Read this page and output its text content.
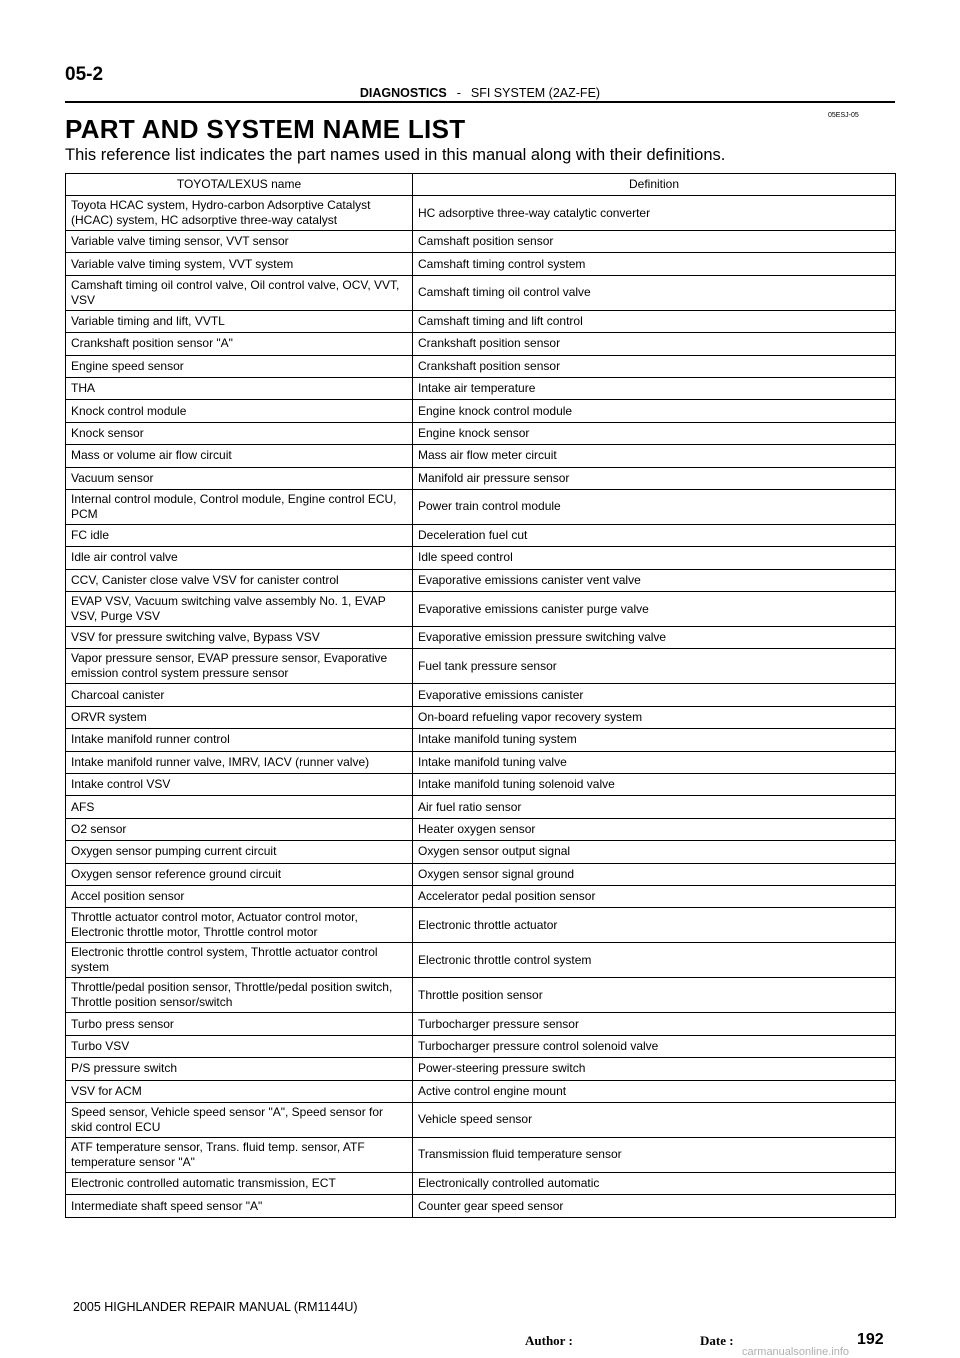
05-2
DIAGNOSTICS - SFI SYSTEM (2AZ-FE)
05ESJ-05
PART AND SYSTEM NAME LIST
This reference list indicates the part names used in this manual along with their definitions.
TOYOTA/LEXUS name	Definition
Toyota HCAC system, Hydro-carbon Adsorptive Catalyst (HCAC) system, HC adsorptive three-way catalyst	HC adsorptive three-way catalytic converter
Variable valve timing sensor, VVT sensor	Camshaft position sensor
Variable valve timing system, VVT system	Camshaft timing control system
Camshaft timing oil control valve, Oil control valve, OCV, VVT, VSV	Camshaft timing oil control valve
Variable timing and lift, VVTL	Camshaft timing and lift control
Crankshaft position sensor "A"	Crankshaft position sensor
Engine speed sensor	Crankshaft position sensor
THA	Intake air temperature
Knock control module	Engine knock control module
Knock sensor	Engine knock sensor
Mass or volume air flow circuit	Mass air flow meter circuit
Vacuum sensor	Manifold air pressure sensor
Internal control module, Control module, Engine control ECU, PCM	Power train control module
FC idle	Deceleration fuel cut
Idle air control valve	Idle speed control
CCV, Canister close valve VSV for canister control	Evaporative emissions canister vent valve
EVAP VSV, Vacuum switching valve assembly No. 1, EVAP VSV, Purge VSV	Evaporative emissions canister purge valve
VSV for pressure switching valve, Bypass VSV	Evaporative emission pressure switching valve
Vapor pressure sensor, EVAP pressure sensor, Evaporative emission control system pressure sensor	Fuel tank pressure sensor
Charcoal canister	Evaporative emissions canister
ORVR system	On-board refueling vapor recovery system
Intake manifold runner control	Intake manifold tuning system
Intake manifold runner valve, IMRV, IACV (runner valve)	Intake manifold tuning valve
Intake control VSV	Intake manifold tuning solenoid valve
AFS	Air fuel ratio sensor
O2 sensor	Heater oxygen sensor
Oxygen sensor pumping current circuit	Oxygen sensor output signal
Oxygen sensor reference ground circuit	Oxygen sensor signal ground
Accel position sensor	Accelerator pedal position sensor
Throttle actuator control motor, Actuator control motor, Electronic throttle motor, Throttle control motor	Electronic throttle actuator
Electronic throttle control system, Throttle actuator control system	Electronic throttle control system
Throttle/pedal position sensor, Throttle/pedal position switch, Throttle position sensor/switch	Throttle position sensor
Turbo press sensor	Turbocharger pressure sensor
Turbo VSV	Turbocharger pressure control solenoid valve
P/S pressure switch	Power-steering pressure switch
VSV for ACM	Active control engine mount
Speed sensor, Vehicle speed sensor "A", Speed sensor for skid control ECU	Vehicle speed sensor
ATF temperature sensor, Trans. fluid temp. sensor, ATF temperature sensor "A"	Transmission fluid temperature sensor
Electronic controlled automatic transmission, ECT	Electronically controlled automatic
Intermediate shaft speed sensor "A"	Counter gear speed sensor
2005 HIGHLANDER REPAIR MANUAL (RM1144U)
Author :	Date :	192
carmanualsonline.info
